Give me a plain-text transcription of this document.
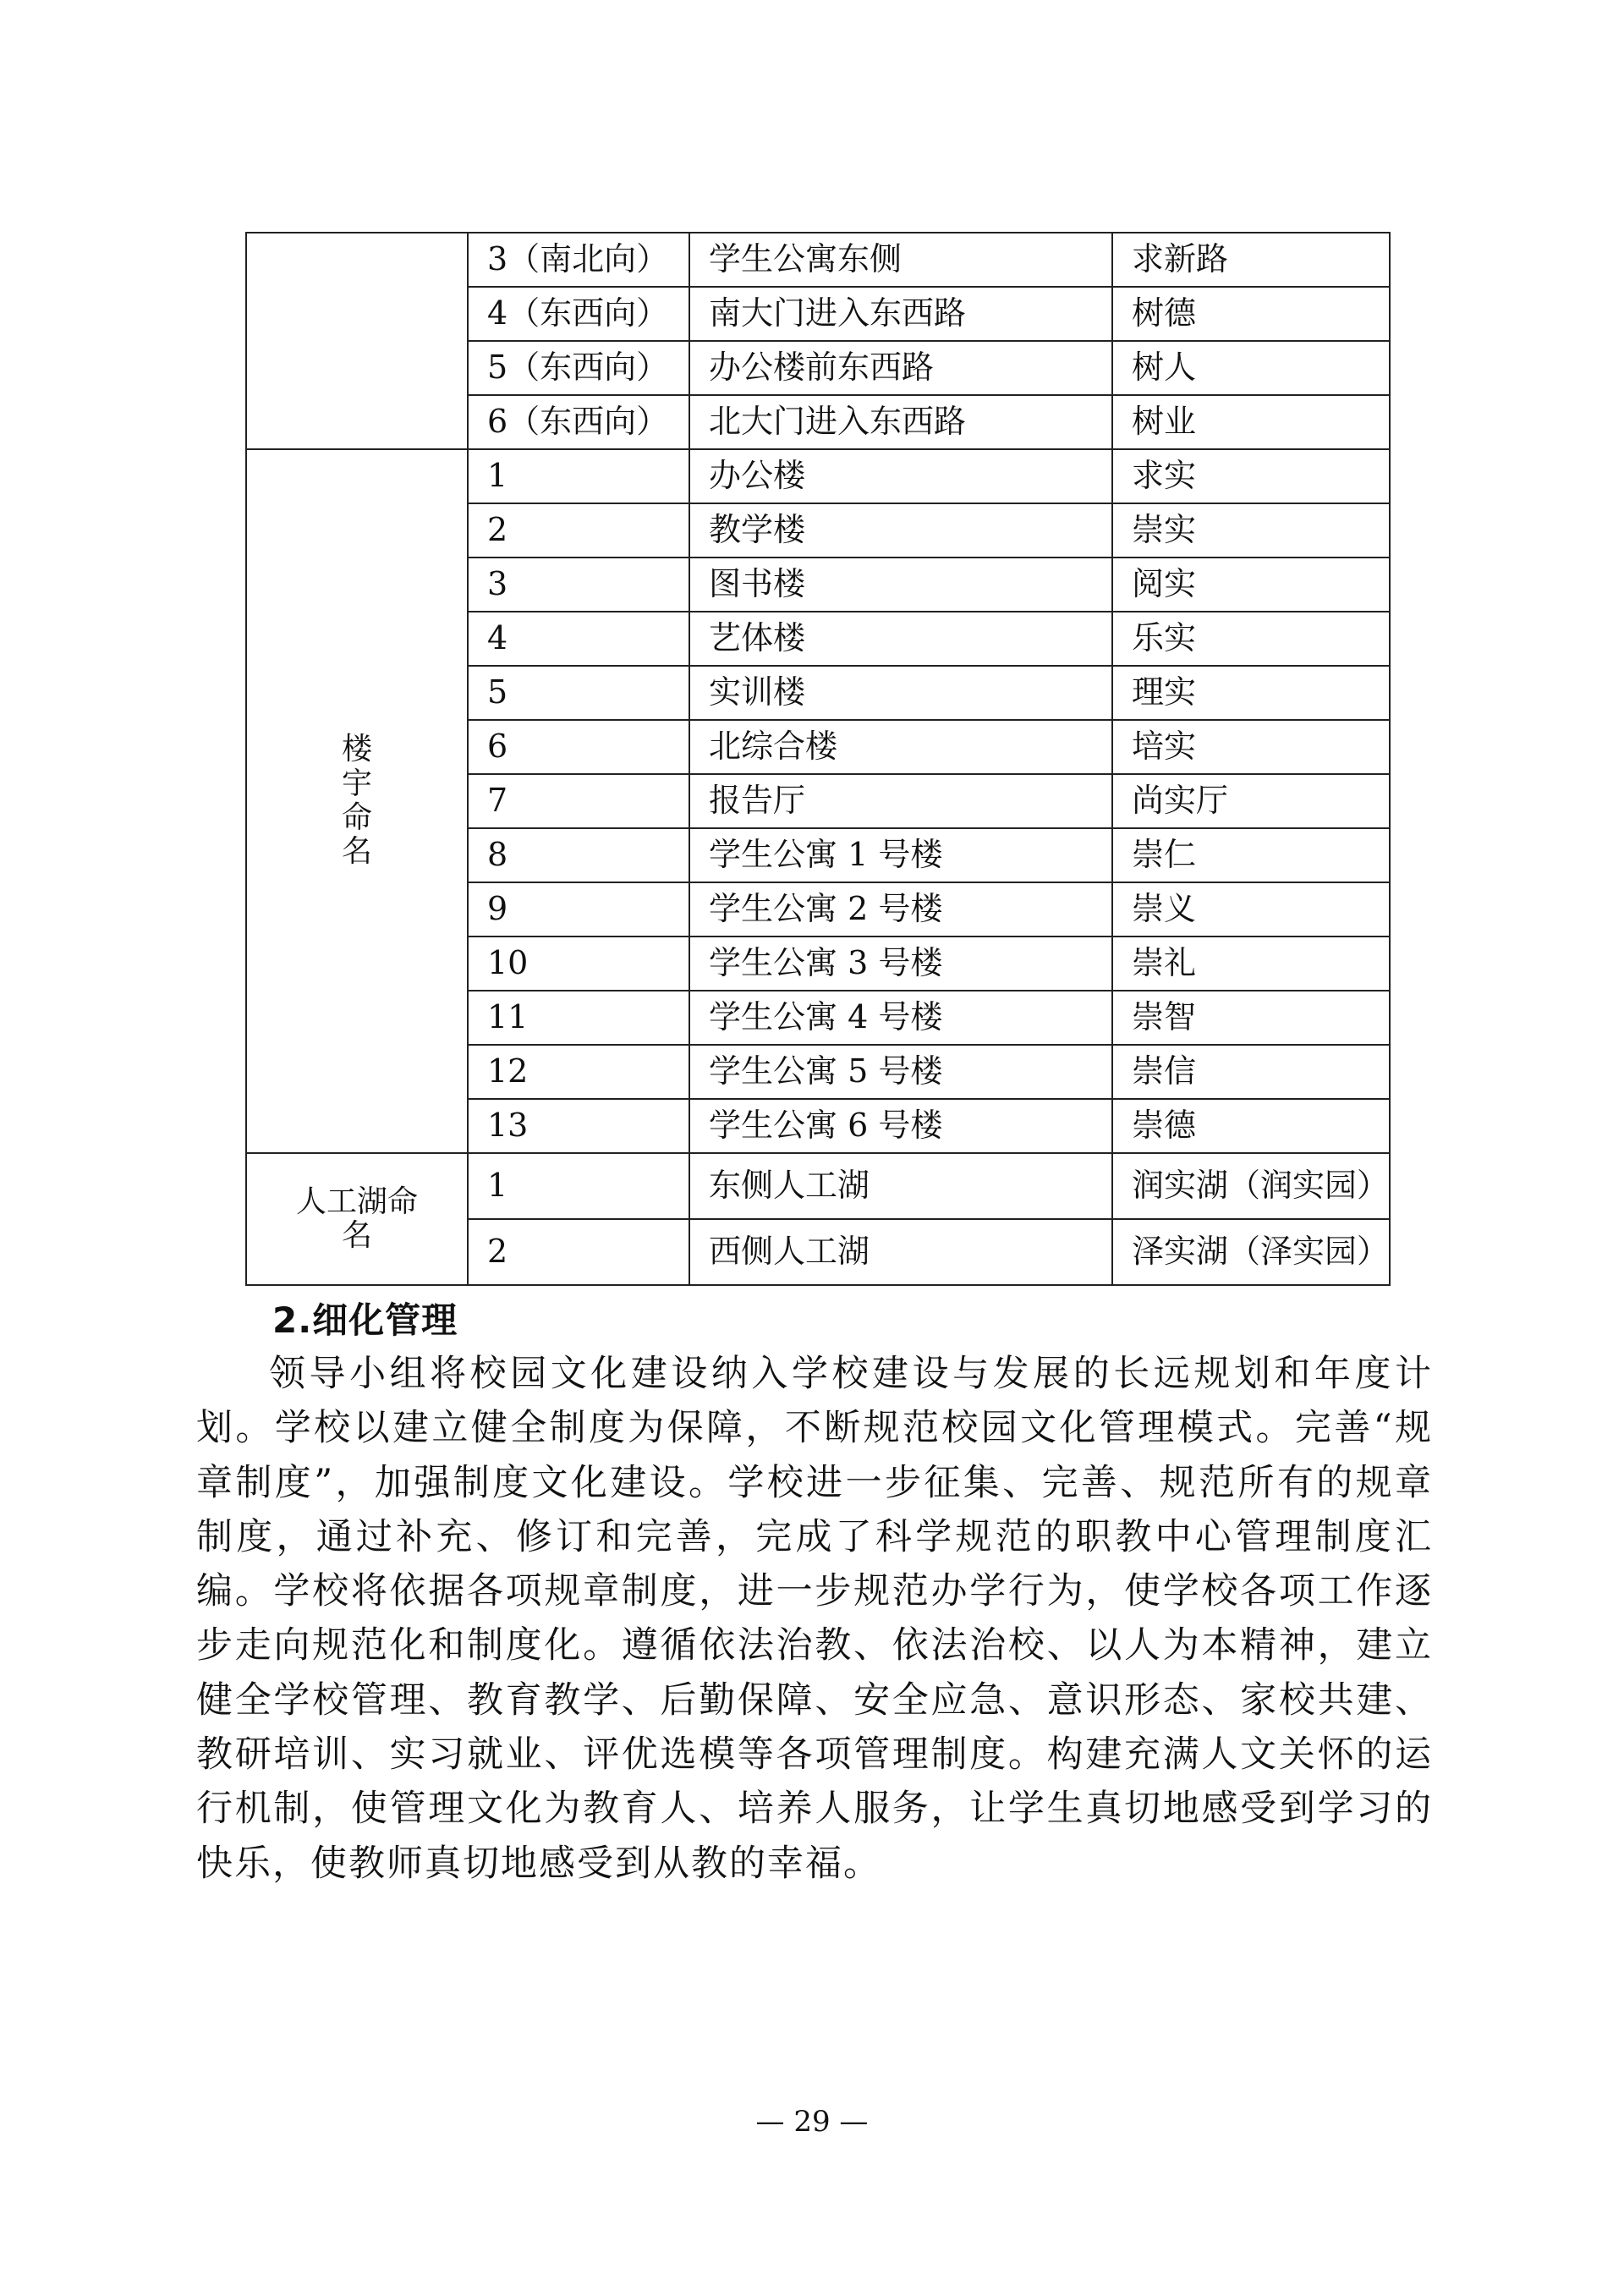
	3（南北向）	学生公寓东侧	求新路
	4（东西向）	南大门进入东西路	树德
	5（东西向）	办公楼前东西路	树人
	6（东西向）	北大门进入东西路	树业
楼宇命名	1	办公楼	求实
	2	教学楼	崇实
	3	图书楼	阅实
	4	艺体楼	乐实
	5	实训楼	理实
	6	北综合楼	培实
	7	报告厅	尚实厅
	8	学生公寓 1 号楼	崇仁
	9	学生公寓 2 号楼	崇义
	10	学生公寓 3 号楼	崇礼
	11	学生公寓 4 号楼	崇智
	12	学生公寓 5 号楼	崇信
	13	学生公寓 6 号楼	崇德
人工湖命名	1	东侧人工湖	润实湖（润实园）
	2	西侧人工湖	泽实湖（泽实园）
2.细化管理

领导小组将校园文化建设纳入学校建设与发展的长远规划和年度计划。学校以建立健全制度为保障，不断规范校园文化管理模式。完善“规章制度”，加强制度文化建设。学校进一步征集、完善、规范所有的规章制度，通过补充、修订和完善，完成了科学规范的职教中心管理制度汇编。学校将依据各项规章制度，进一步规范办学行为，使学校各项工作逐步走向规范化和制度化。遵循依法治教、依法治校、以人为本精神，建立健全学校管理、教育教学、后勤保障、安全应急、意识形态、家校共建、教研培训、实习就业、评优选模等各项管理制度。构建充满人文关怀的运行机制，使管理文化为教育人、培养人服务，让学生真切地感受到学习的快乐，使教师真切地感受到从教的幸福。

— 29 —
